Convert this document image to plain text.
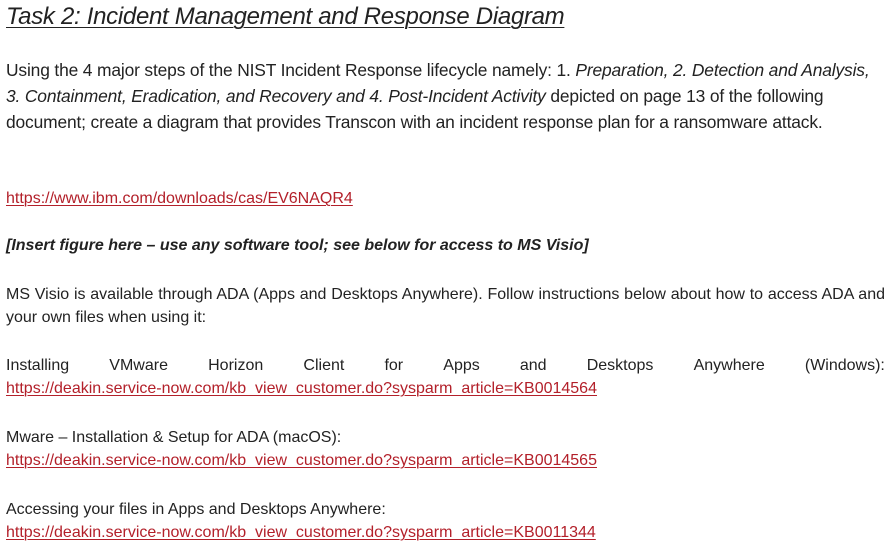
Task 2: Incident Management and Response Diagram

Using the 4 major steps of the NIST Incident Response lifecycle namely: 1. Preparation, 2. Detection and Analysis, 3. Containment, Eradication, and Recovery and 4. Post-Incident Activity depicted on page 13 of the following document; create a diagram that provides Transcon with an incident response plan for a ransomware attack.

https://www.ibm.com/downloads/cas/EV6NAQR4

[Insert figure here – use any software tool; see below for access to MS Visio]

MS Visio is available through ADA (Apps and Desktops Anywhere). Follow instructions below about how to access ADA and your own files when using it:

Installing	VMware	Horizon	Client	for	Apps	and	Desktops	Anywhere	(Windows):
https://deakin.service-now.com/kb_view_customer.do?sysparm_article=KB0014564
Mware – Installation & Setup for ADA (macOS):
https://deakin.service-now.com/kb_view_customer.do?sysparm_article=KB0014565
Accessing your files in Apps and Desktops Anywhere:
https://deakin.service-now.com/kb_view_customer.do?sysparm_article=KB0011344
